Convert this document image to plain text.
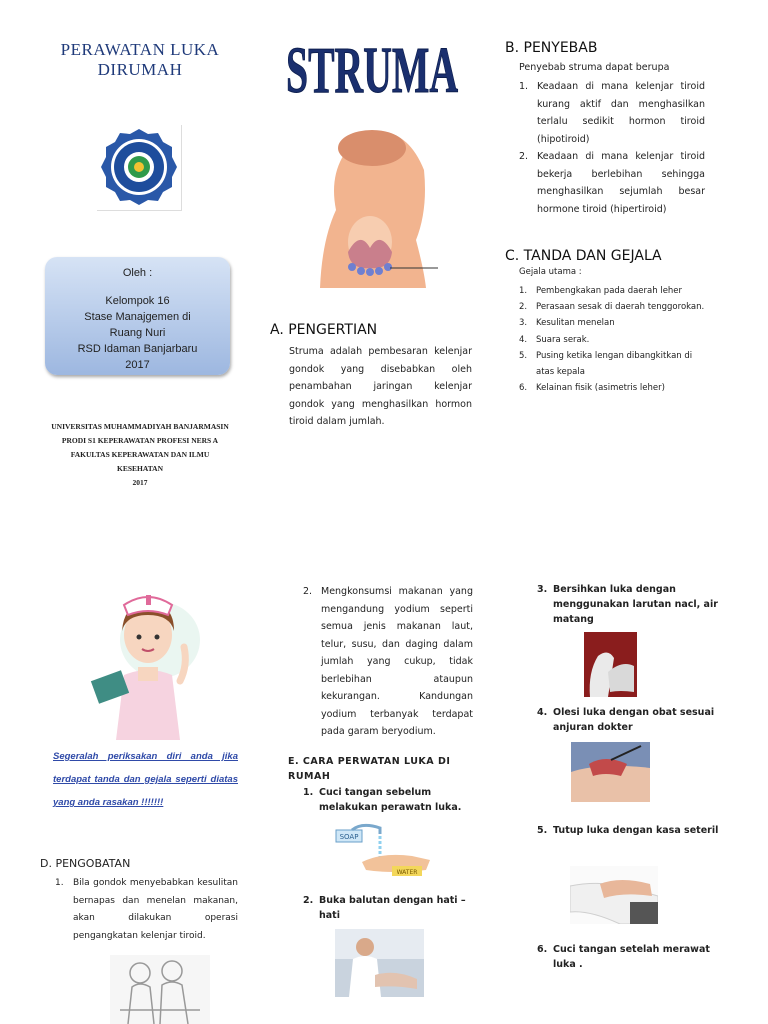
PERAWATAN LUKA DIRUMAH
Oleh :
Kelompok 16
Stase Manajgemen di Ruang Nuri
RSD Idaman Banjarbaru
2017
UNIVERSITAS MUHAMMADIYAH BANJARMASIN
PRODI S1 KEPERAWATAN PROFESI NERS A
FAKULTAS KEPERAWATAN DAN ILMU KESEHATAN
2017
STRUMA
A. PENGERTIAN
Struma adalah pembesaran kelenjar gondok yang disebabkan oleh penambahan jaringan kelenjar gondok yang menghasilkan hormon tiroid dalam jumlah.
B. PENYEBAB
Penyebab struma dapat berupa
1. Keadaan di mana kelenjar tiroid kurang aktif dan menghasilkan terlalu sedikit hormon tiroid (hipotiroid)
2. Keadaan di mana kelenjar tiroid bekerja berlebihan sehingga menghasilkan sejumlah besar hormone tiroid (hipertiroid)
C. TANDA DAN GEJALA
Gejala utama :
1. Pembengkakan pada daerah leher
2. Perasaan sesak di daerah tenggorokan.
3. Kesulitan menelan
4. Suara serak.
5. Pusing ketika lengan dibangkitkan di atas kepala
6. Kelainan fisik (asimetris leher)
Segeralah periksakan diri anda jika terdapat tanda dan gejala seperti diatas yang anda rasakan !!!!!!!
D. PENGOBATAN
1. Bila gondok menyebabkan kesulitan bernapas dan menelan makanan, akan dilakukan operasi pengangkatan kelenjar tiroid.
2. Mengkonsumsi makanan yang mengandung yodium seperti semua jenis makanan laut, telur, susu, dan daging dalam jumlah yang cukup, tidak berlebihan ataupun kekurangan. Kandungan yodium terbanyak terdapat pada garam beryodium.
E. CARA PERWATAN LUKA DI RUMAH
1. Cuci tangan sebelum melakukan perawatn luka.
SOAP
WATER
2. Buka balutan dengan hati – hati
3. Bersihkan luka dengan menggunakan larutan nacl, air matang
4. Olesi luka dengan obat sesuai anjuran dokter
5. Tutup luka dengan kasa seteril
6. Cuci tangan setelah merawat luka .
